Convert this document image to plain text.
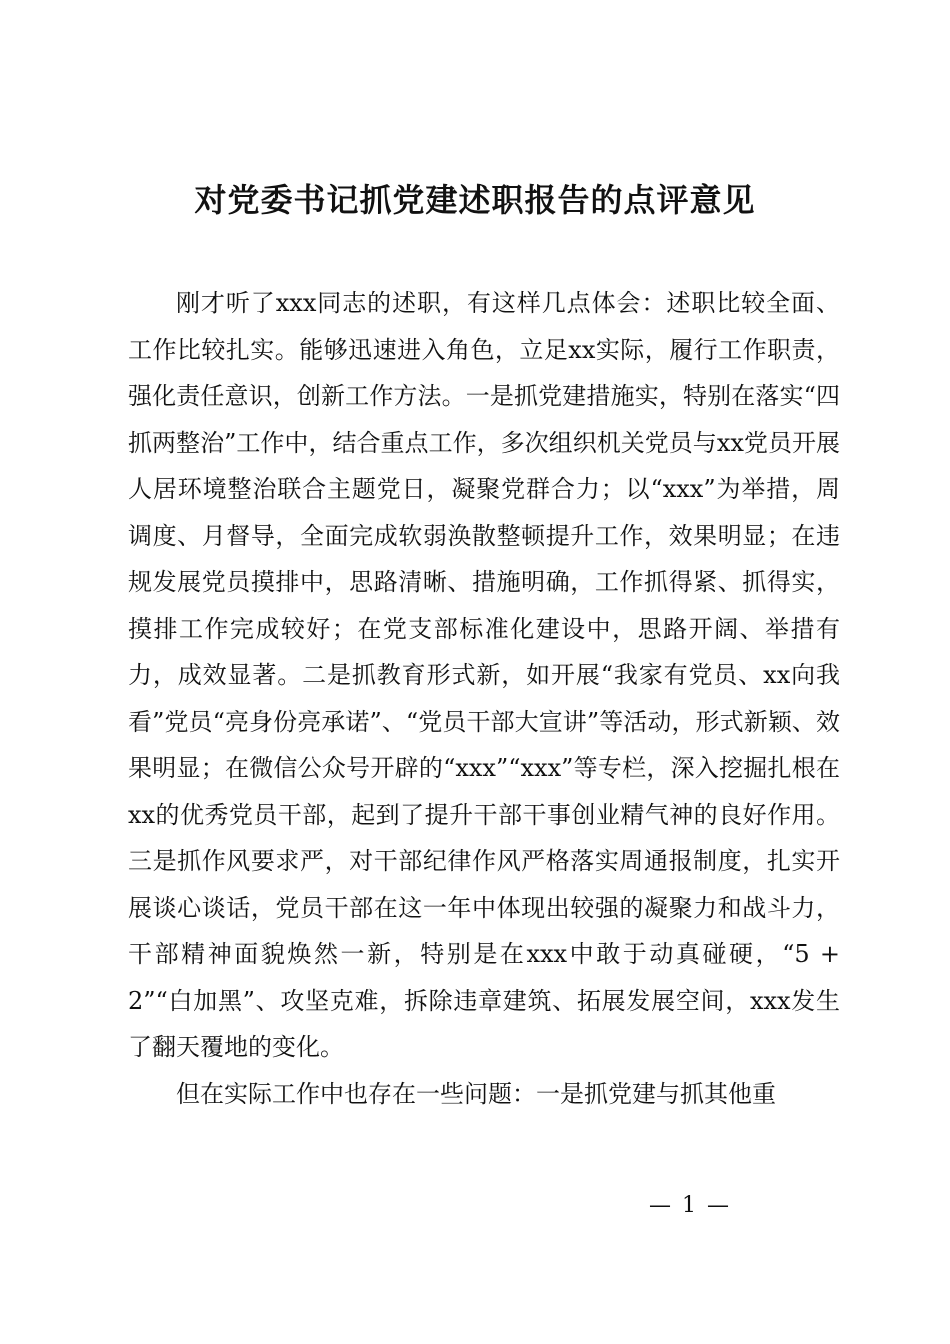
对党委书记抓党建述职报告的点评意见

刚才听了xxx同志的述职，有这样几点体会：述职比较全面、工作比较扎实。能够迅速进入角色，立足xx实际，履行工作职责，强化责任意识，创新工作方法。一是抓党建措施实，特别在落实“四抓两整治”工作中，结合重点工作，多次组织机关党员与xx党员开展人居环境整治联合主题党日，凝聚党群合力；以“xxx”为举措，周调度、月督导，全面完成软弱涣散整顿提升工作，效果明显；在违规发展党员摸排中，思路清晰、措施明确，工作抓得紧、抓得实，摸排工作完成较好；在党支部标准化建设中，思路开阔、举措有力，成效显著。二是抓教育形式新，如开展“我家有党员、xx向我看”党员“亮身份亮承诺”、“党员干部大宣讲”等活动，形式新颖、效果明显；在微信公众号开辟的“xxx”“xxx”等专栏，深入挖掘扎根在xx的优秀党员干部，起到了提升干部干事创业精气神的良好作用。三是抓作风要求严，对干部纪律作风严格落实周通报制度，扎实开展谈心谈话，党员干部在这一年中体现出较强的凝聚力和战斗力，干部精神面貌焕然一新，特别是在xxx中敢于动真碰硬，“5 + 2”“白加黑”、攻坚克难，拆除违章建筑、拓展发展空间，xxx发生了翻天覆地的变化。

但在实际工作中也存在一些问题：一是抓党建与抓其他重

— 1 —
